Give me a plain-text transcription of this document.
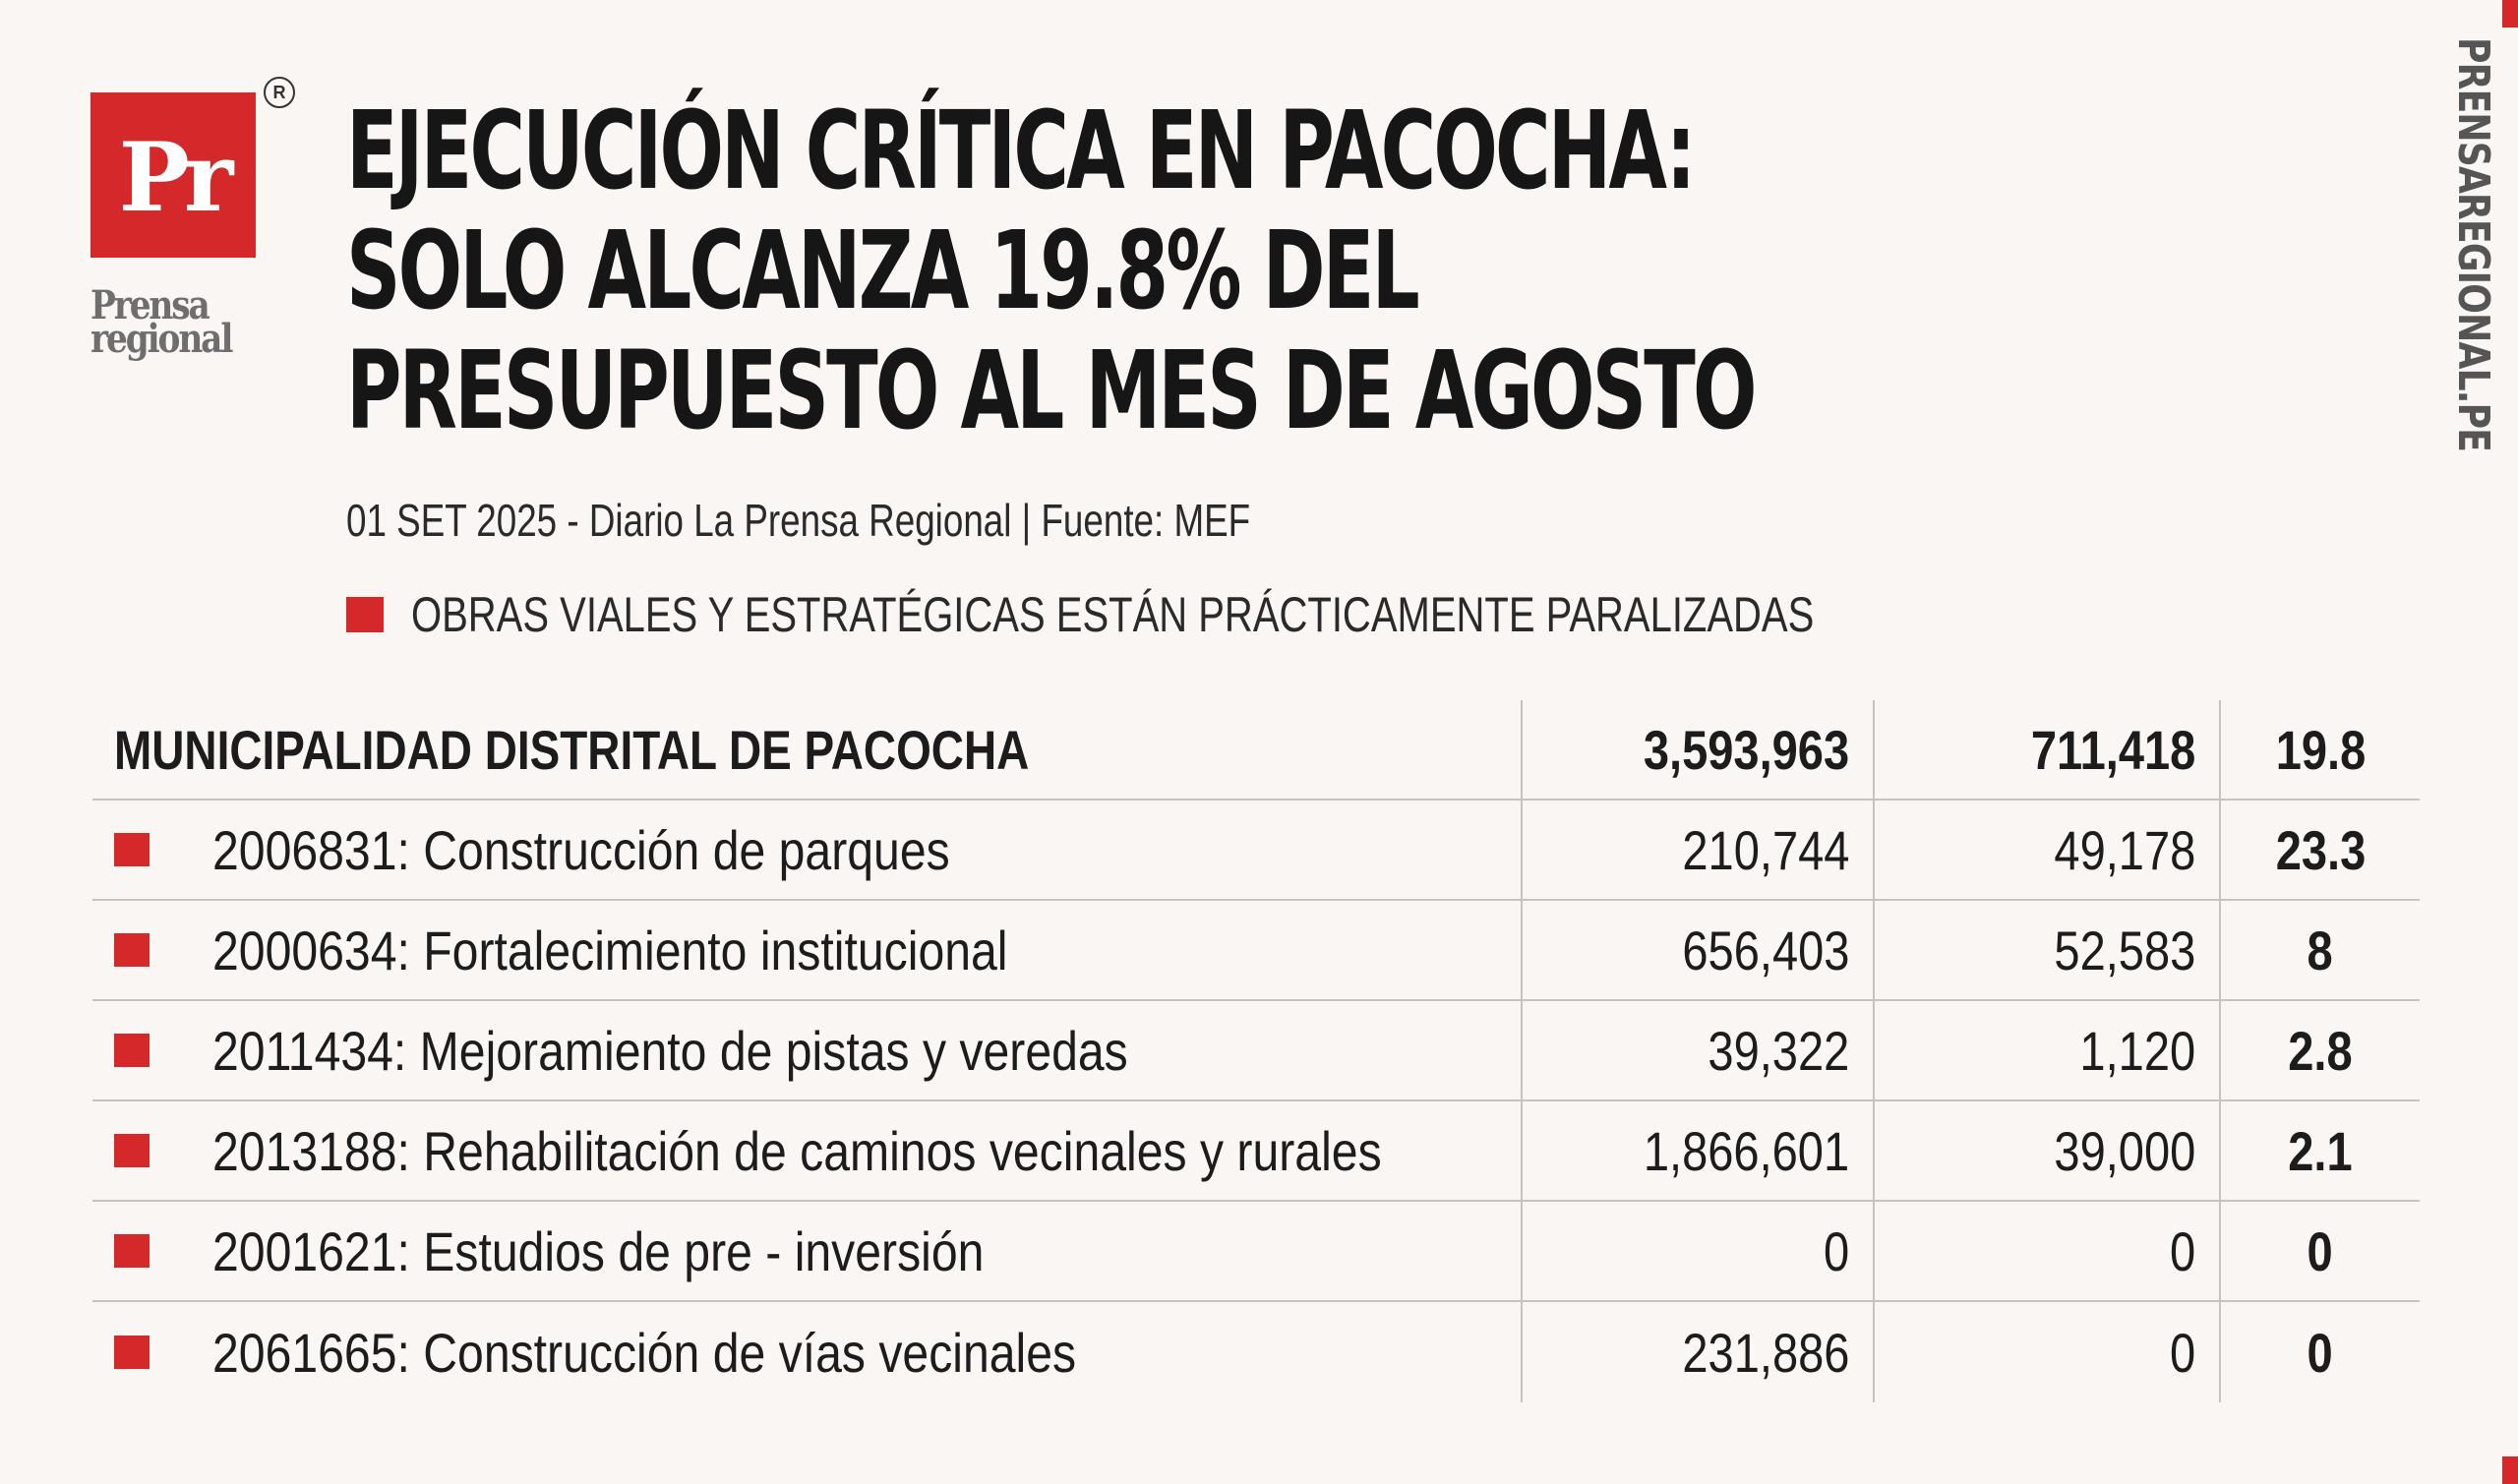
Pr
R
Prensa
regional
EJECUCIÓN CRÍTICA EN PACOCHA:
SOLO ALCANZA 19.8% DEL
PRESUPUESTO AL MES DE AGOSTO
01 SET 2025 - Diario La Prensa Regional | Fuente: MEF
OBRAS VIALES Y ESTRATÉGICAS ESTÁN PRÁCTICAMENTE PARALIZADAS
PRENSAREGIONAL.PE
MUNICIPALIDAD DISTRITAL DE PACOCHA	3,593,963	711,418 19.8
2006831: Construcción de parques	210,744	49,178 23.3
2000634: Fortalecimiento institucional	656,403	52,583 8
2011434: Mejoramiento de pistas y veredas	39,322	1,120 2.8
2013188: Rehabilitación de caminos vecinales y rurales	1,866,601	39,000 2.1
2001621: Estudios de pre - inversión	0	0 0
2061665: Construcción de vías vecinales	231,886	0 0
